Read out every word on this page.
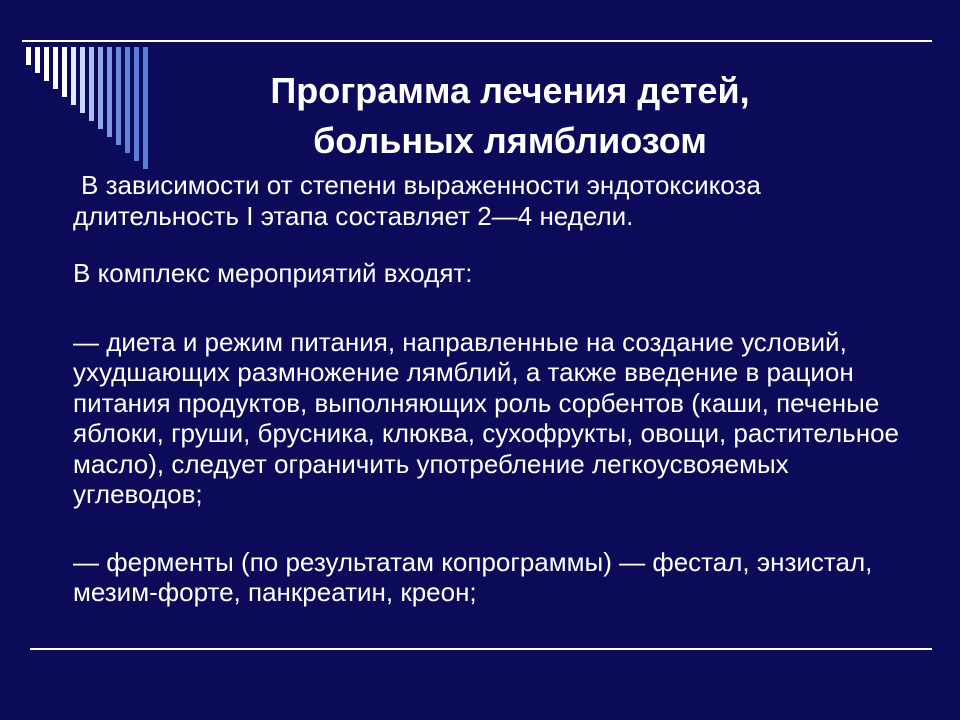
Программа лечения детей,
больных лямблиозом

В зависимости от степени выраженности эндотоксикоза длительность I этапа составляет 2—4 недели.

В комплекс мероприятий входят:

— диета и режим питания, направленные на создание условий, ухудшающих размножение лямблий, а также введение в рацион питания продуктов, выполняющих роль сорбентов (каши, печеные яблоки, груши, брусника, клюква, сухофрукты, овощи, растительное масло), следует ограничить употребление легкоусвояемых углеводов;

— ферменты (по результатам копрограммы) — фестал, энзистал, мезим-форте, панкреатин, креон;
